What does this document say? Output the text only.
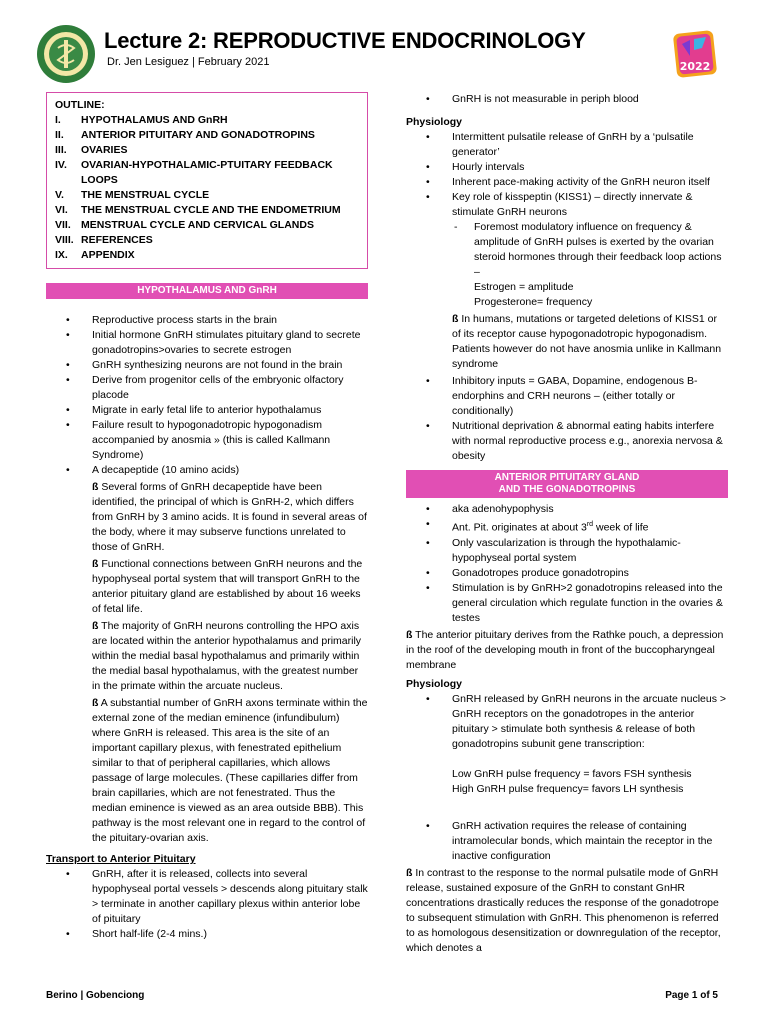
Lecture 2: REPRODUCTIVE ENDOCRINOLOGY
Dr. Jen Lesiguez | February 2021	2022
OUTLINE:
I.	HYPOTHALAMUS AND GnRH
II.	ANTERIOR PITUITARY AND GONADOTROPINS
III.	OVARIES
IV.	OVARIAN-HYPOTHALAMIC-PTUITARY FEEDBACK LOOPS
V.	THE MENSTRUAL CYCLE
VI.	THE MENSTRUAL CYCLE AND THE ENDOMETRIUM
VII. MENSTRUAL CYCLE AND CERVICAL GLANDS
VIII. REFERENCES
IX.	APPENDIX
HYPOTHALAMUS AND GnRH
• Reproductive process starts in the brain
• Initial hormone GnRH stimulates pituitary gland to secrete gonadotropins>ovaries to secrete estrogen
• GnRH synthesizing neurons are not found in the brain
• Derive from progenitor cells of the embryonic olfactory placode
• Migrate in early fetal life to anterior hypothalamus
• Failure result to hypogonadotropic hypogonadism accompanied by anosmia » (this is called Kallmann Syndrome)
• A decapeptide (10 amino acids)
ß Several forms of GnRH decapeptide have been identified, the principal of which is GnRH-2, which differs from GnRH by 3 amino acids. It is found in several areas of the body, where it may subserve functions unrelated to those of GnRH.
ß Functional connections between GnRH neurons and the hypophyseal portal system that will transport GnRH to the anterior pituitary gland are established by about 16 weeks of fetal life.
ß The majority of GnRH neurons controlling the HPO axis are located within the anterior hypothalamus and primarily within the medial basal hypothalamus and primarily within the medial basal hypothalamus, with the greatest number in the primate within the arcuate nucleus.
ß A substantial number of GnRH axons terminate within the external zone of the median eminence (infundibulum) where GnRH is released. This area is the site of an important capillary plexus, with fenestrated epithelium similar to that of peripheral capillaries, which allows passage of large molecules. (These capillaries differ from brain capillaries, which are not fenestrated. Thus the median eminence is viewed as an area outside BBB). This pathway is the most relevant one in regard to the control of the pituitary-ovarian axis.
Transport to Anterior Pituitary
• GnRH, after it is released, collects into several hypophyseal portal vessels > descends along pituitary stalk > terminate in another capillary plexus within anterior lobe of pituitary
• Short half-life (2-4 mins.)
• GnRH is not measurable in periph blood
Physiology
• Intermittent pulsatile release of GnRH by a ‘pulsatile generator’
• Hourly intervals
• Inherent pace-making activity of the GnRH neuron itself
• Key role of kisspeptin (KISS1) – directly innervate & stimulate GnRH neurons
- Foremost modulatory influence on frequency & amplitude of GnRH pulses is exerted by the ovarian steroid hormones through their feedback loop actions –
Estrogen = amplitude
Progesterone= frequency
ß In humans, mutations or targeted deletions of KISS1 or of its receptor cause hypogonadotropic hypogonadism. Patients however do not have anosmia unlike in Kallmann syndrome
• Inhibitory inputs = GABA, Dopamine, endogenous B-endorphins and CRH neurons – (either totally or conditionally)
• Nutritional deprivation & abnormal eating habits interfere with normal reproductive process e.g., anorexia nervosa & obesity
ANTERIOR PITUITARY GLAND
AND THE GONADOTROPINS
• aka adenohypophysis
• Ant. Pit. originates at about 3rd week of life
• Only vascularization is through the hypothalamic-hypophyseal portal system
• Gonadotropes produce gonadotropins
• Stimulation is by GnRH>2 gonadotropins released into the general circulation which regulate function in the ovaries & testes
ß The anterior pituitary derives from the Rathke pouch, a depression in the roof of the developing mouth in front of the buccopharyngeal membrane
Physiology
• GnRH released by GnRH neurons in the arcuate nucleus > GnRH receptors on the gonadotropes in the anterior pituitary > stimulate both synthesis & release of both gonadotropins subunit gene transcription:
Low GnRH pulse frequency = favors FSH synthesis
High GnRH pulse frequency= favors LH synthesis
• GnRH activation requires the release of containing intramolecular bonds, which maintain the receptor in the inactive configuration
ß In contrast to the response to the normal pulsatile mode of GnRH release, sustained exposure of the GnRH to constant GnHR concentrations drastically reduces the response of the gonadotrope to subsequent stimulation with GnRH. This phenomenon is referred to as homologous desensitization or downregulation of the receptor, which denotes a
Berino | Gobenciong	Page 1 of 5
